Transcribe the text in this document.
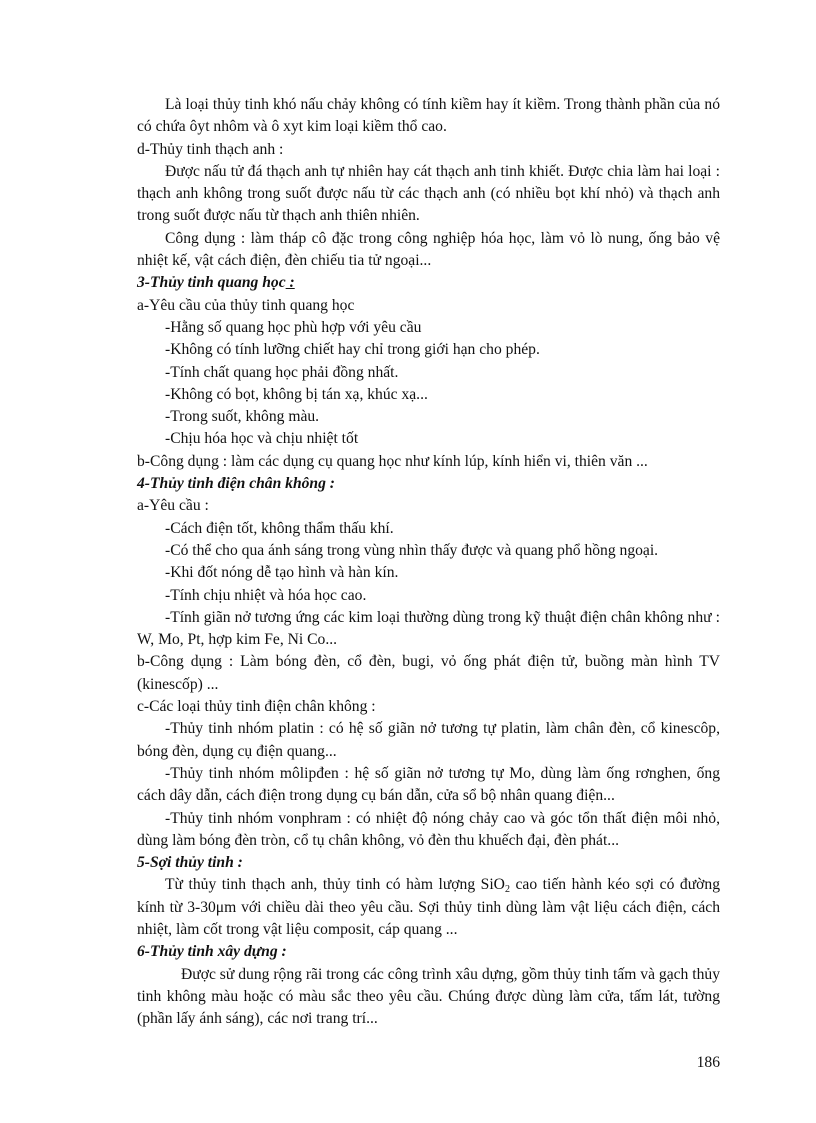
Là loại thủy tinh khó nấu chảy không có tính kiềm hay ít kiềm. Trong thành phần của nó có chứa ôyt nhôm và ô xyt kim loại kiềm thổ cao.

d-Thủy tinh thạch anh :

Được nấu tử đá thạch anh tự nhiên hay cát thạch anh tinh khiết. Được chia làm hai loại : thạch anh không trong suốt được nấu từ các thạch anh (có nhiều bọt khí nhỏ) và thạch anh trong suốt được nấu từ thạch anh thiên nhiên.

Công dụng : làm tháp cô đặc trong công nghiệp hóa học, làm vỏ lò nung, ống bảo vệ nhiệt kế, vật cách điện, đèn chiếu tia tử ngoại...

3-Thủy tinh quang học :

a-Yêu cầu của thủy tinh quang học

-Hằng số quang học phù hợp với yêu cầu

-Không có tính lưỡng chiết hay chỉ trong giới hạn cho phép.

-Tính chất quang học phải đồng nhất.

-Không có bọt, không bị tán xạ, khúc xạ...

-Trong suốt, không màu.

-Chịu hóa học và chịu nhiệt tốt

b-Công dụng : làm các dụng cụ quang học như kính lúp, kính hiển vi, thiên văn ...

4-Thủy tinh điện chân không :

a-Yêu cầu :

-Cách điện tốt, không thẩm thấu khí.

-Có thể cho qua ánh sáng trong vùng nhìn thấy được và quang phổ hồng ngoại.

-Khi đốt nóng dễ tạo hình và hàn kín.

-Tính chịu nhiệt và hóa học cao.

-Tính giãn nở tương ứng các kim loại thường dùng trong kỹ thuật điện chân không như : W, Mo, Pt, hợp kim Fe, Ni Co...

b-Công dụng : Làm bóng đèn, cổ đèn, bugi, vỏ ống phát điện tử, buồng màn hình TV (kinescốp) ...

c-Các loại thủy tinh điện chân không :

-Thủy tinh nhóm platin : có hệ số giãn nở tương tự platin, làm chân đèn, cổ kinescôp, bóng đèn, dụng cụ điện quang...

-Thủy tinh nhóm môlipđen : hệ số giãn nở tương tự Mo, dùng làm ống rơnghen, ống cách dây dẫn, cách điện trong dụng cụ bán dẫn, cửa sổ bộ nhân quang điện...

-Thủy tinh nhóm vonphram : có nhiệt độ nóng chảy cao và góc tổn thất điện môi nhỏ, dùng làm bóng đèn tròn, cổ tụ chân không, vỏ đèn thu khuếch đại, đèn phát...

5-Sợi thủy tinh :

Từ thủy tinh thạch anh, thủy tinh có hàm lượng SiO$_2$ cao tiến hành kéo sợi có đường kính từ 3-30μm với chiều dài theo yêu cầu. Sợi thủy tinh dùng làm vật liệu cách điện, cách nhiệt, làm cốt trong vật liệu composit, cáp quang ...

6-Thủy tinh xây dựng :

Được sử dung rộng rãi trong các công trình xâu dựng, gồm thủy tinh tấm và gạch thủy tinh không màu hoặc có màu sắc theo yêu cầu. Chúng được dùng làm cửa, tấm lát, tường (phần lấy ánh sáng), các nơi trang trí...

186
